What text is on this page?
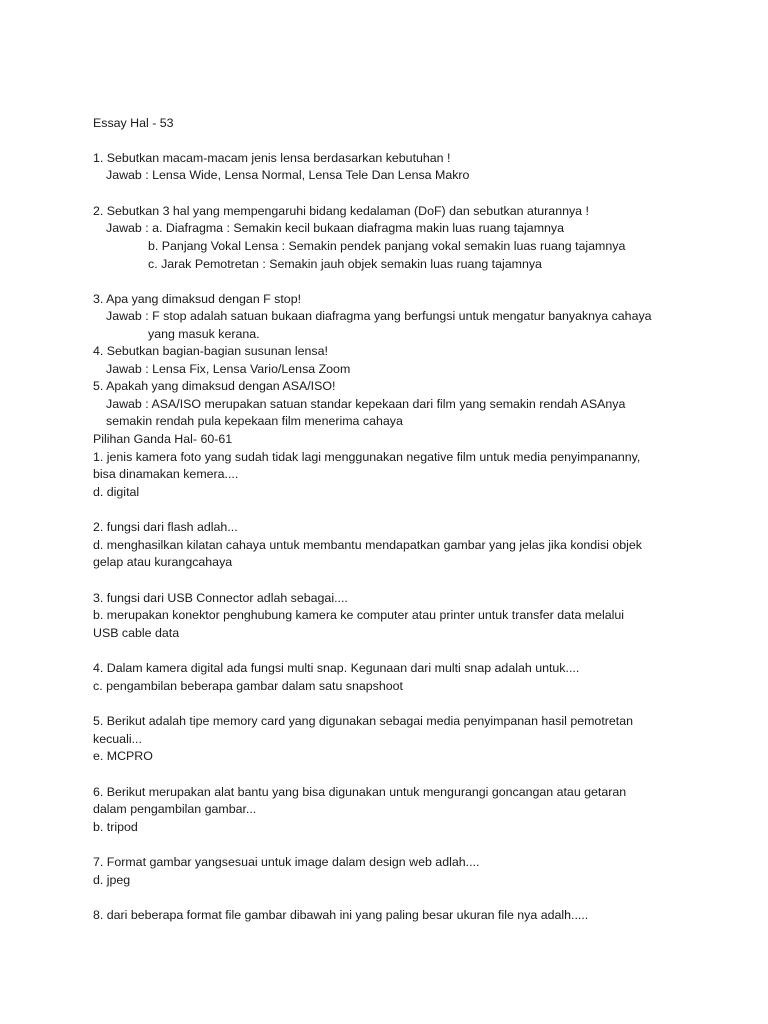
Essay Hal - 53
1. Sebutkan macam-macam jenis lensa berdasarkan kebutuhan !
Jawab : Lensa Wide, Lensa Normal, Lensa Tele Dan Lensa Makro
2. Sebutkan 3 hal yang mempengaruhi bidang kedalaman (DoF) dan sebutkan aturannya !
Jawab : a. Diafragma : Semakin kecil bukaan diafragma makin luas ruang tajamnya
b. Panjang Vokal Lensa : Semakin pendek panjang vokal semakin luas ruang tajamnya
c. Jarak Pemotretan : Semakin jauh objek semakin luas ruang tajamnya
3. Apa yang dimaksud dengan F stop!
Jawab : F stop adalah satuan bukaan diafragma yang berfungsi untuk mengatur banyaknya cahaya
yang masuk kerana.
4. Sebutkan bagian-bagian susunan lensa!
Jawab : Lensa Fix, Lensa Vario/Lensa Zoom
5. Apakah yang dimaksud dengan ASA/ISO!
Jawab : ASA/ISO merupakan satuan standar kepekaan dari film yang semakin rendah ASAnya
semakin rendah pula kepekaan film menerima cahaya
Pilihan Ganda Hal- 60-61
1. jenis kamera foto yang sudah tidak lagi menggunakan negative film untuk media penyimpananny,
bisa dinamakan kemera....
d. digital
2. fungsi dari flash adlah...
d. menghasilkan kilatan cahaya untuk membantu mendapatkan gambar yang jelas jika kondisi objek
gelap atau kurangcahaya
3. fungsi dari USB Connector adlah sebagai....
b. merupakan konektor penghubung kamera ke computer atau printer untuk transfer data melalui
USB cable data
4. Dalam kamera digital ada fungsi multi snap. Kegunaan dari multi snap adalah untuk....
c. pengambilan beberapa gambar dalam satu snapshoot
5. Berikut adalah tipe memory card yang digunakan sebagai media penyimpanan hasil pemotretan
kecuali...
e. MCPRO
6. Berikut merupakan alat bantu yang bisa digunakan untuk mengurangi goncangan atau getaran
dalam pengambilan gambar...
b. tripod
7. Format gambar yangsesuai untuk image dalam design web adlah....
d. jpeg
8. dari beberapa format file gambar dibawah ini yang paling besar ukuran file nya adalh.....
